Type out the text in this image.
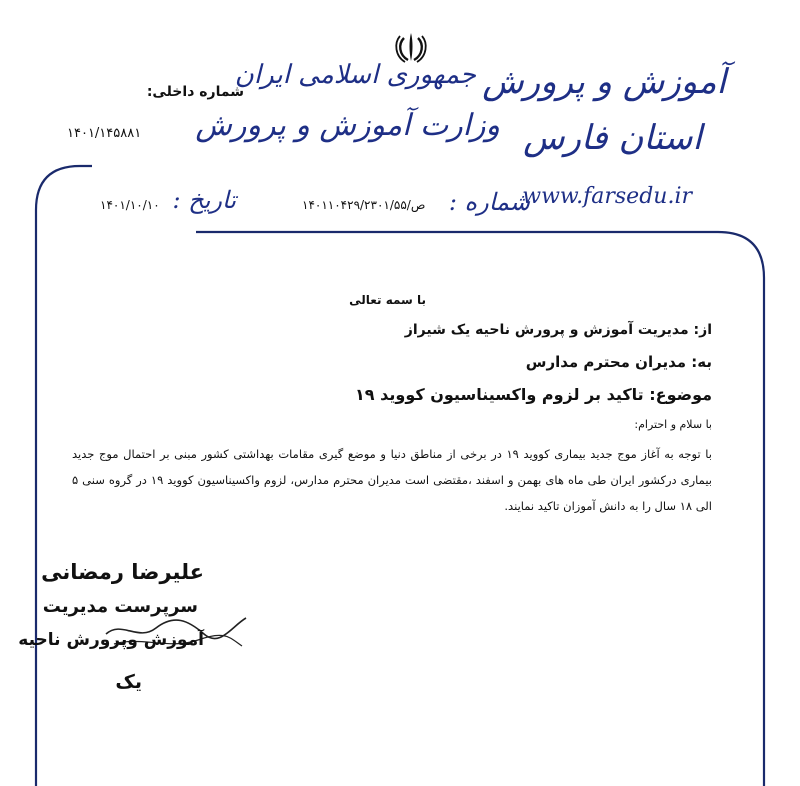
آموزش و پرورش
استان فارس
www.farsedu.ir
جمهوری اسلامی ایران
وزارت آموزش و پرورش
شماره داخلی:
۱۴۰۱/۱۴۵۸۸۱
شماره :
۱۴۰۱۱۰۴۲۹/۲۳۰۱/۵۵/ص
تاریخ :
۱۴۰۱/۱۰/۱۰
با سمه تعالی
از: مدیریت آموزش و پرورش ناحیه یک شیراز
به: مدیران محترم مدارس
موضوع: تاکید بر لزوم واکسیناسیون کووید ۱۹
با سلام و احترام:
با توجه به آغاز موج جدید بیماری کووید ۱۹ در برخی از مناطق دنیا و موضع گیری مقامات بهداشتی کشور مبنی بر احتمال موج جدید بیماری درکشور ایران طی ماه های بهمن و اسفند ،مقتضی است مدیران محترم مدارس، لزوم واکسیناسیون کووید ۱۹ در گروه سنی ۵ الی ۱۸ سال را به دانش آموزان تاکید نمایند.
علیرضا رمضانی
سرپرست مدیریت
آموزش وپرورش ناحیه
یک
